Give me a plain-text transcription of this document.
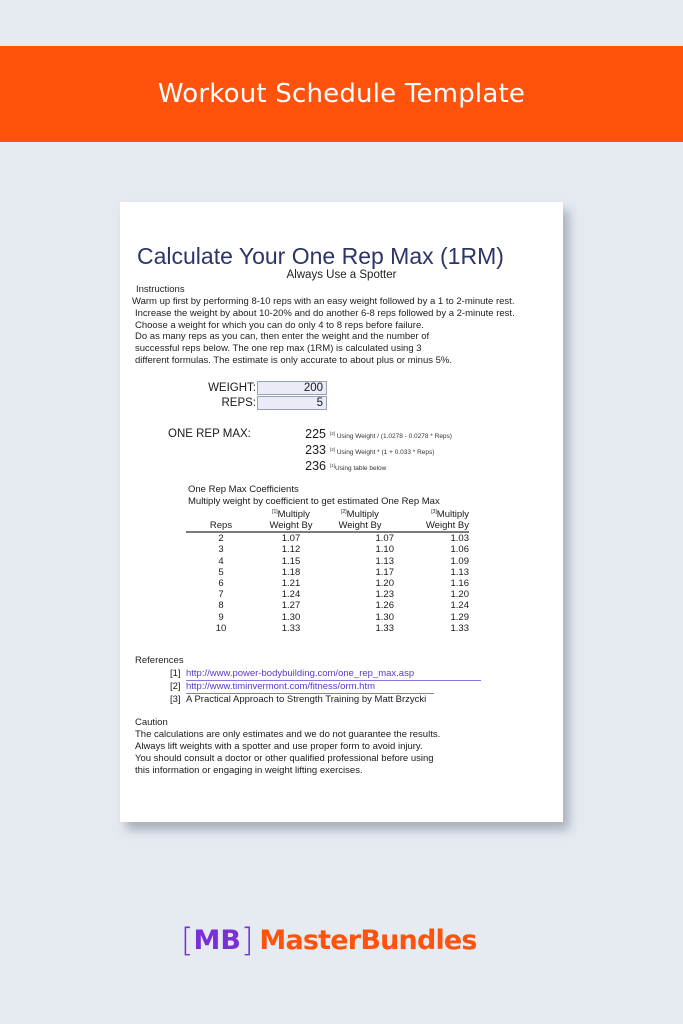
Workout Schedule Template
Calculate Your One Rep Max (1RM)
Always Use a Spotter
Instructions
Warm up first by performing 8-10 reps with an easy weight followed by a 1 to 2-minute rest.
Increase the weight by about 10-20% and do another 6-8 reps followed by a 2-minute rest.
Choose a weight for which you can do only 4 to 8 reps before failure.
Do as many reps as you can, then enter the weight and the number of
successful reps below. The one rep max (1RM) is calculated using 3
different formulas. The estimate is only accurate to about plus or minus 5%.
WEIGHT:	200
REPS:	5
ONE REP MAX:	225 [2] Using Weight / (1.0278 - 0.0278 * Reps)
233 [2] Using Weight * (1 + 0.033 * Reps)
236 [1]Using table below
One Rep Max Coefficients
Multiply weight by coefficient to get estimated One Rep Max
	[1]Multiply	[2]Multiply	[3]Multiply
Reps	Weight By	Weight By	Weight By
2	1.07	1.07	1.03
3	1.12	1.10	1.06
4	1.15	1.13	1.09
5	1.18	1.17	1.13
6	1.21	1.20	1.16
7	1.24	1.23	1.20
8	1.27	1.26	1.24
9	1.30	1.30	1.29
10	1.33	1.33	1.33
References
[1] http://www.power-bodybuilding.com/one_rep_max.asp
[2] http://www.timinvermont.com/fitness/orm.htm
[3] A Practical Approach to Strength Training by Matt Brzycki
Caution
The calculations are only estimates and we do not guarantee the results.
Always lift weights with a spotter and use proper form to avoid injury.
You should consult a doctor or other qualified professional before using
this information or engaging in weight lifting exercises.
[ MB ] MasterBundles
